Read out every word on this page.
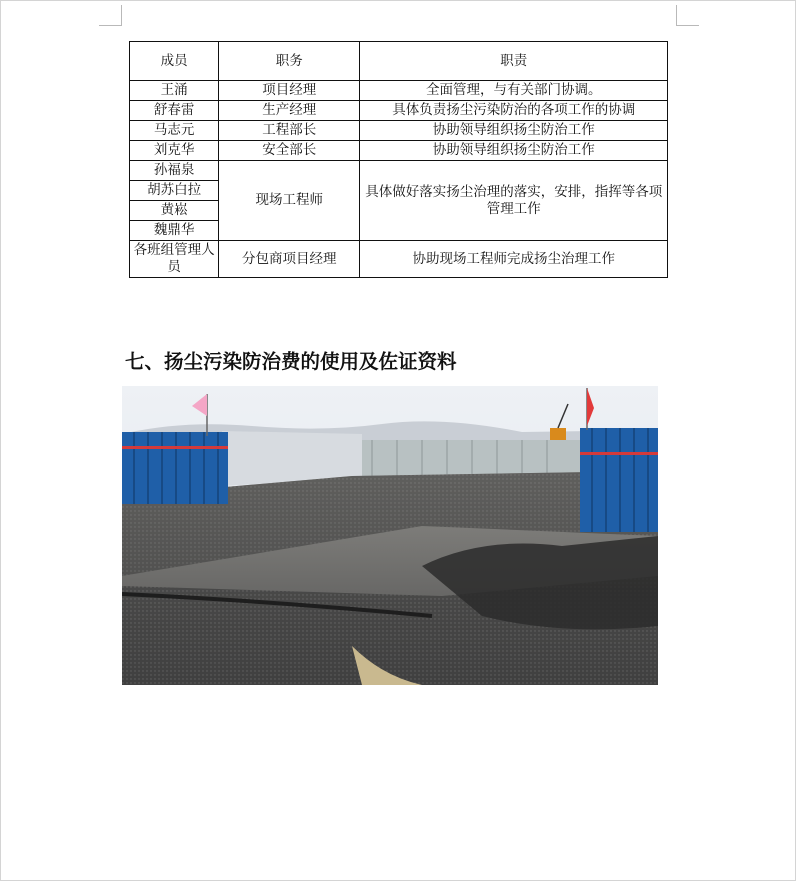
成员	职务	职责
王涌	项目经理	全面管理，与有关部门协调。
舒春雷	生产经理	具体负责扬尘污染防治的各项工作的协调
马志元	工程部长	协助领导组织扬尘防治工作
刘克华	安全部长	协助领导组织扬尘防治工作
孙福泉	现场工程师	具体做好落实扬尘治理的落实，安排，指挥等各项管理工作
胡苏白拉		
黄崧		
魏鼎华		
各班组管理人员	分包商项目经理	协助现场工程师完成扬尘治理工作
七、扬尘污染防治费的使用及佐证资料
